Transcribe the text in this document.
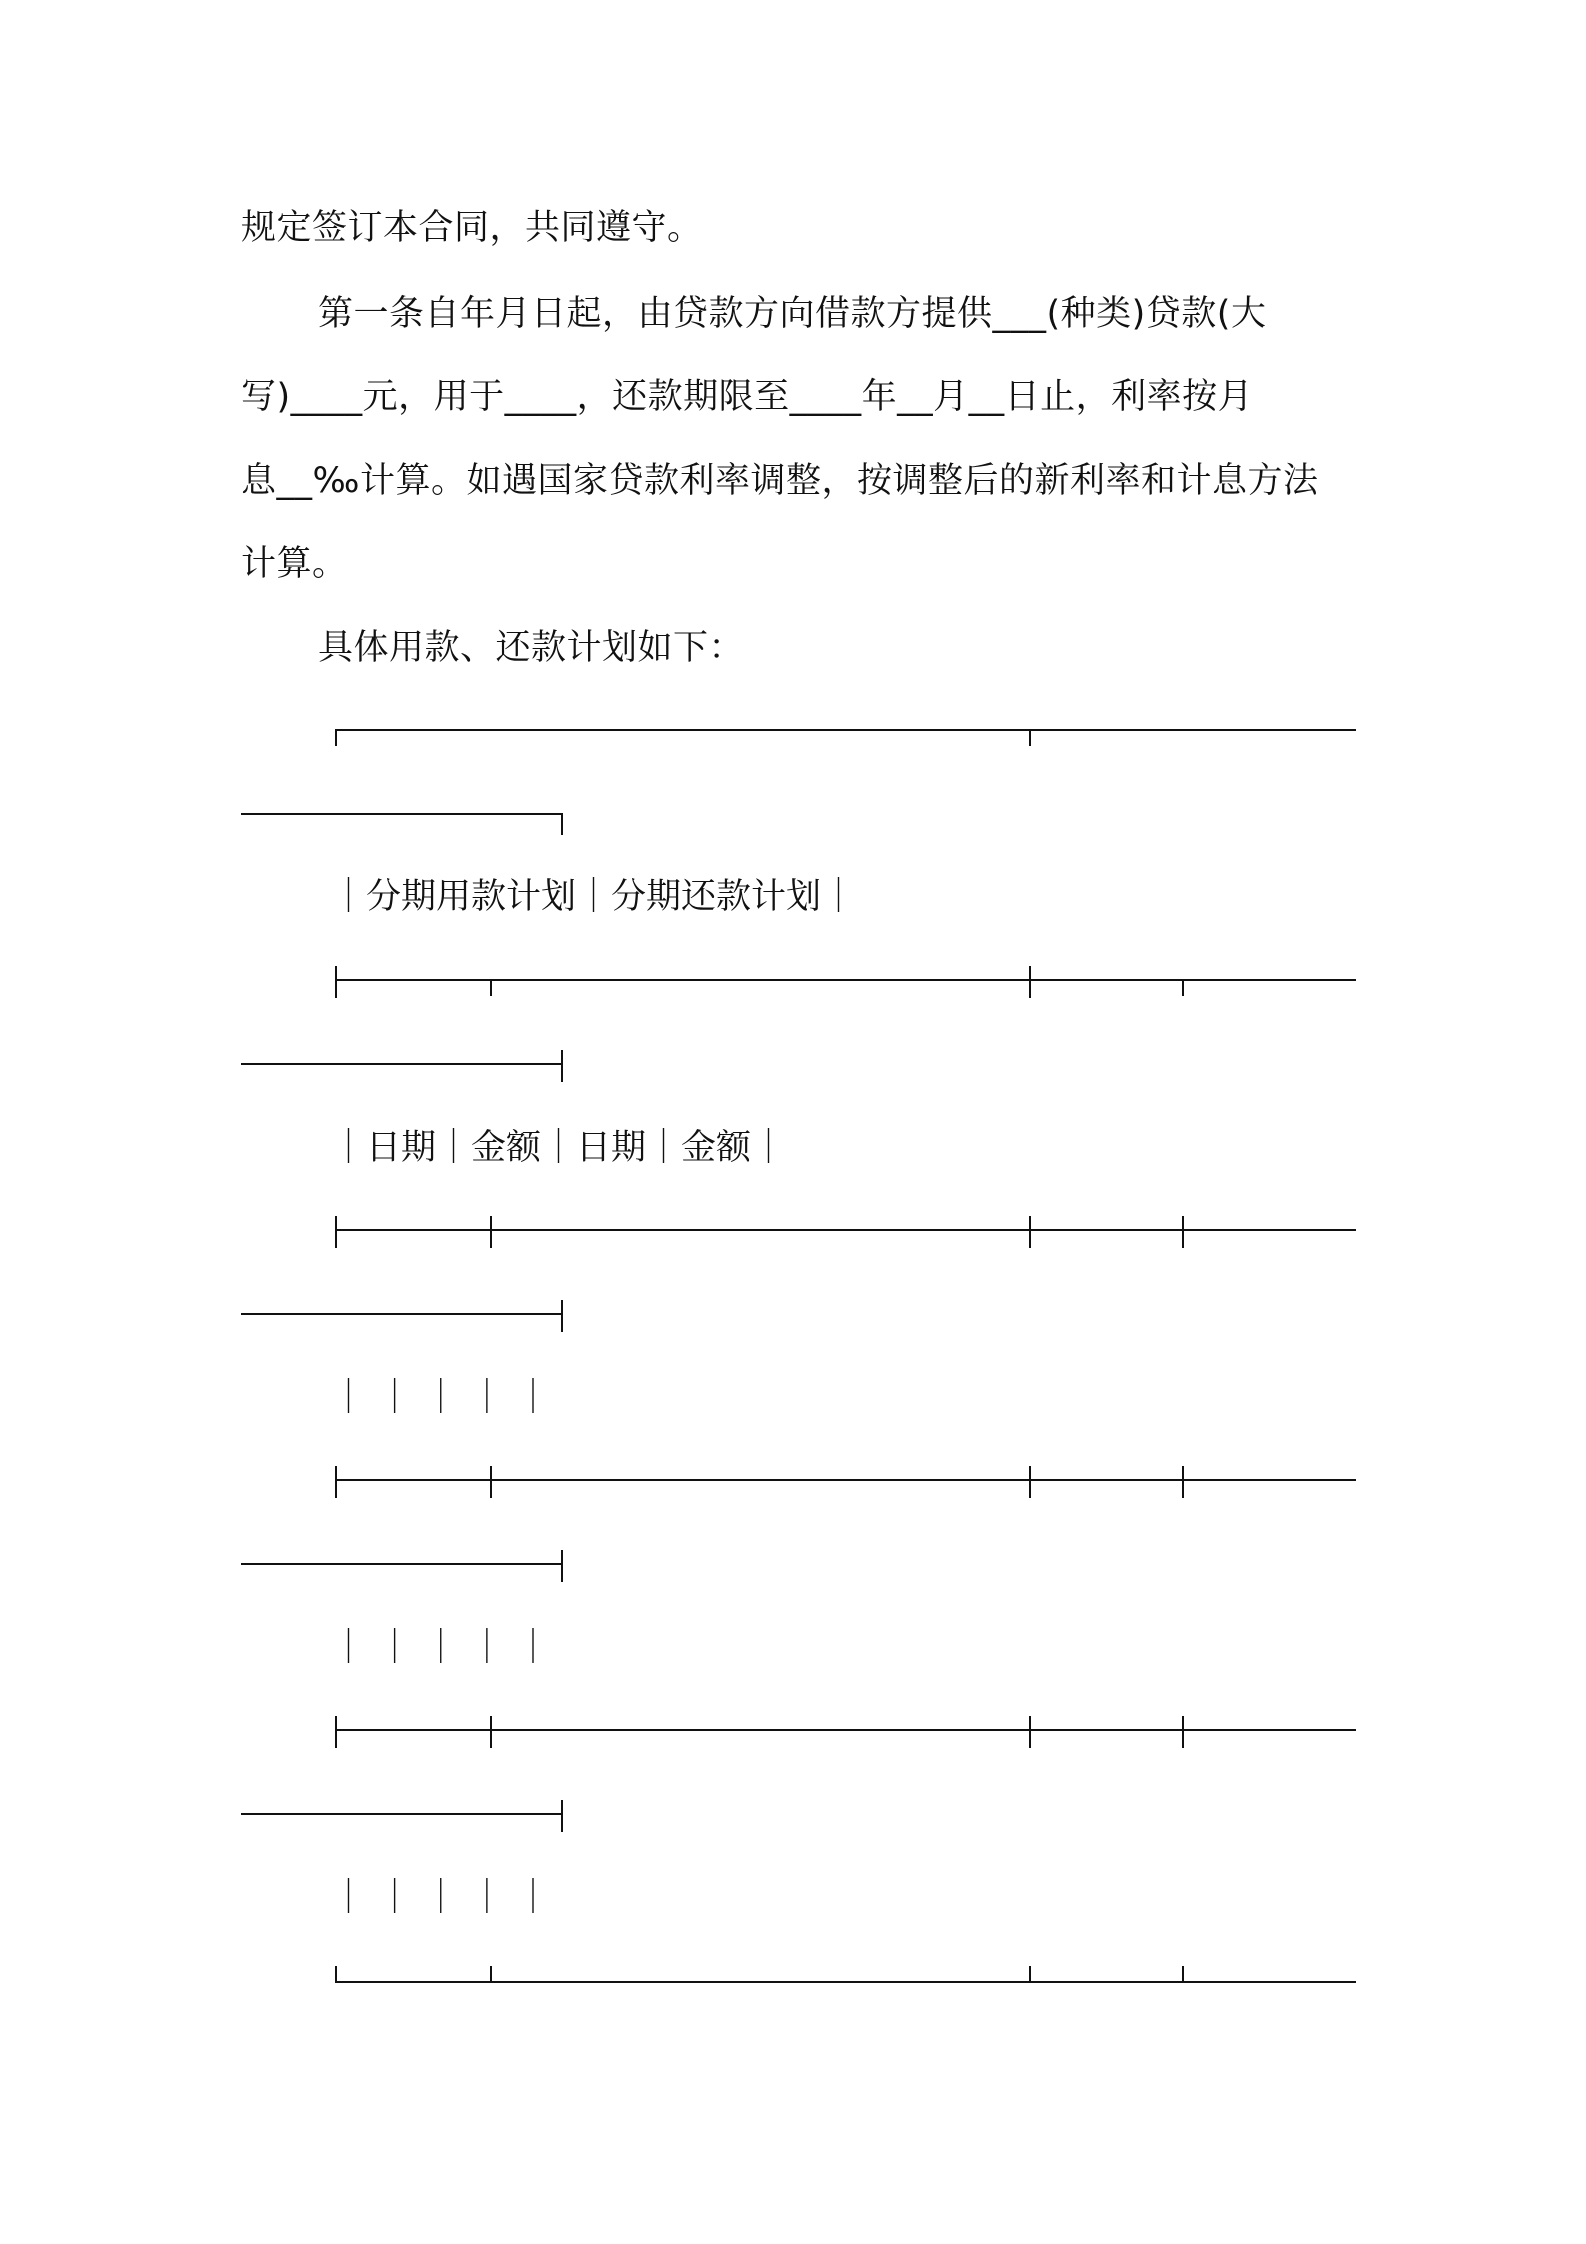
规定签订本合同，共同遵守。
第一条自年月日起，由贷款方向借款方提供___(种类)贷款(大
写)____元，用于____，还款期限至____年__月__日止，利率按月
息__‰计算。如遇国家贷款利率调整，按调整后的新利率和计息方法
计算。
具体用款、还款计划如下：
｜分期用款计划｜分期还款计划｜
｜日期｜金额｜日期｜金额｜
｜ ｜ ｜ ｜ ｜
｜ ｜ ｜ ｜ ｜
｜ ｜ ｜ ｜ ｜
